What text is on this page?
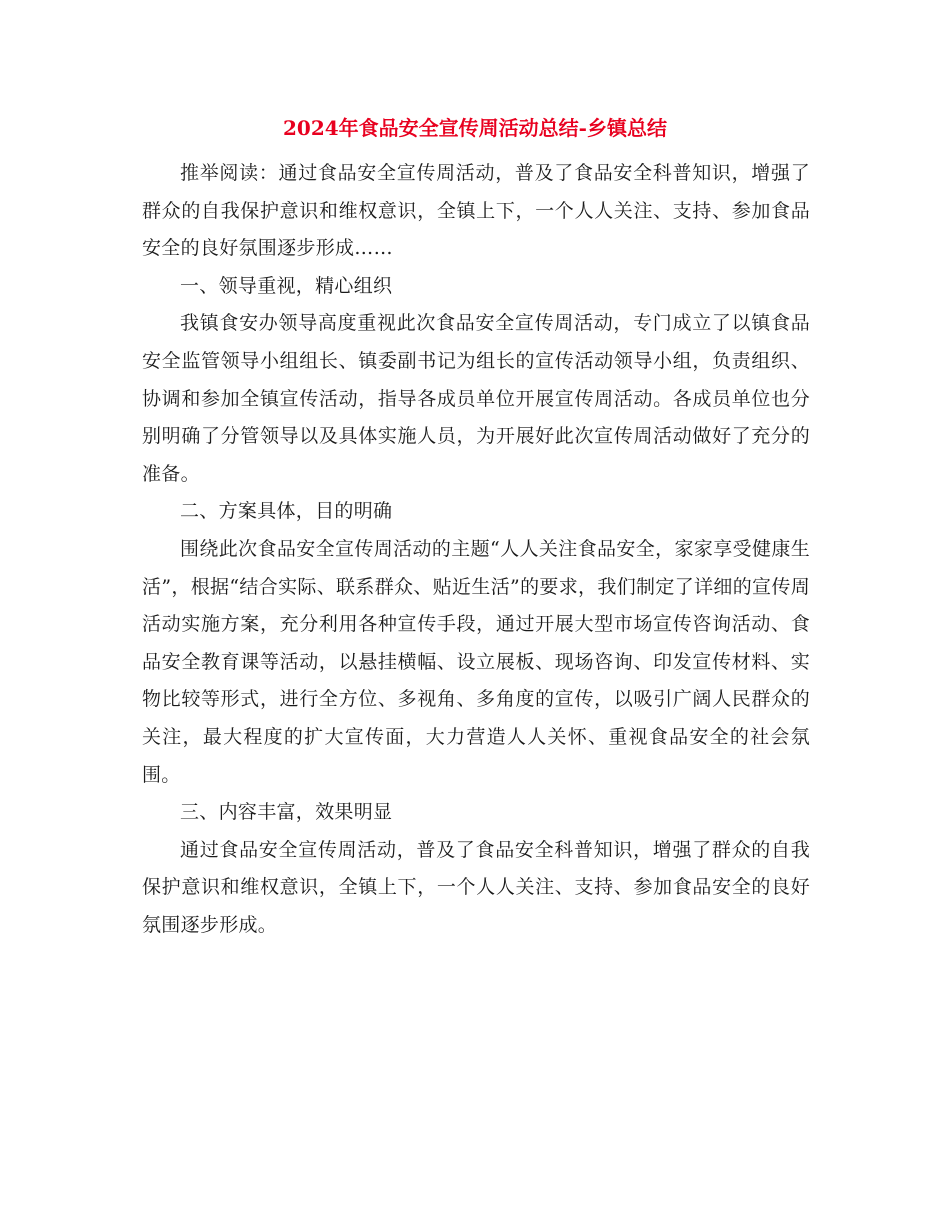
2024年食品安全宣传周活动总结-乡镇总结

推举阅读：通过食品安全宣传周活动，普及了食品安全科普知识，增强了群众的自我保护意识和维权意识，全镇上下，一个人人关注、支持、参加食品安全的良好氛围逐步形成……

一、领导重视，精心组织

我镇食安办领导高度重视此次食品安全宣传周活动，专门成立了以镇食品安全监管领导小组组长、镇委副书记为组长的宣传活动领导小组，负责组织、协调和参加全镇宣传活动，指导各成员单位开展宣传周活动。各成员单位也分别明确了分管领导以及具体实施人员，为开展好此次宣传周活动做好了充分的准备。

二、方案具体，目的明确

围绕此次食品安全宣传周活动的主题“人人关注食品安全，家家享受健康生活”，根据“结合实际、联系群众、贴近生活”的要求，我们制定了详细的宣传周活动实施方案，充分利用各种宣传手段，通过开展大型市场宣传咨询活动、食品安全教育课等活动，以悬挂横幅、设立展板、现场咨询、印发宣传材料、实物比较等形式，进行全方位、多视角、多角度的宣传，以吸引广阔人民群众的关注，最大程度的扩大宣传面，大力营造人人关怀、重视食品安全的社会氛围。

三、内容丰富，效果明显

通过食品安全宣传周活动，普及了食品安全科普知识，增强了群众的自我保护意识和维权意识，全镇上下，一个人人关注、支持、参加食品安全的良好氛围逐步形成。
